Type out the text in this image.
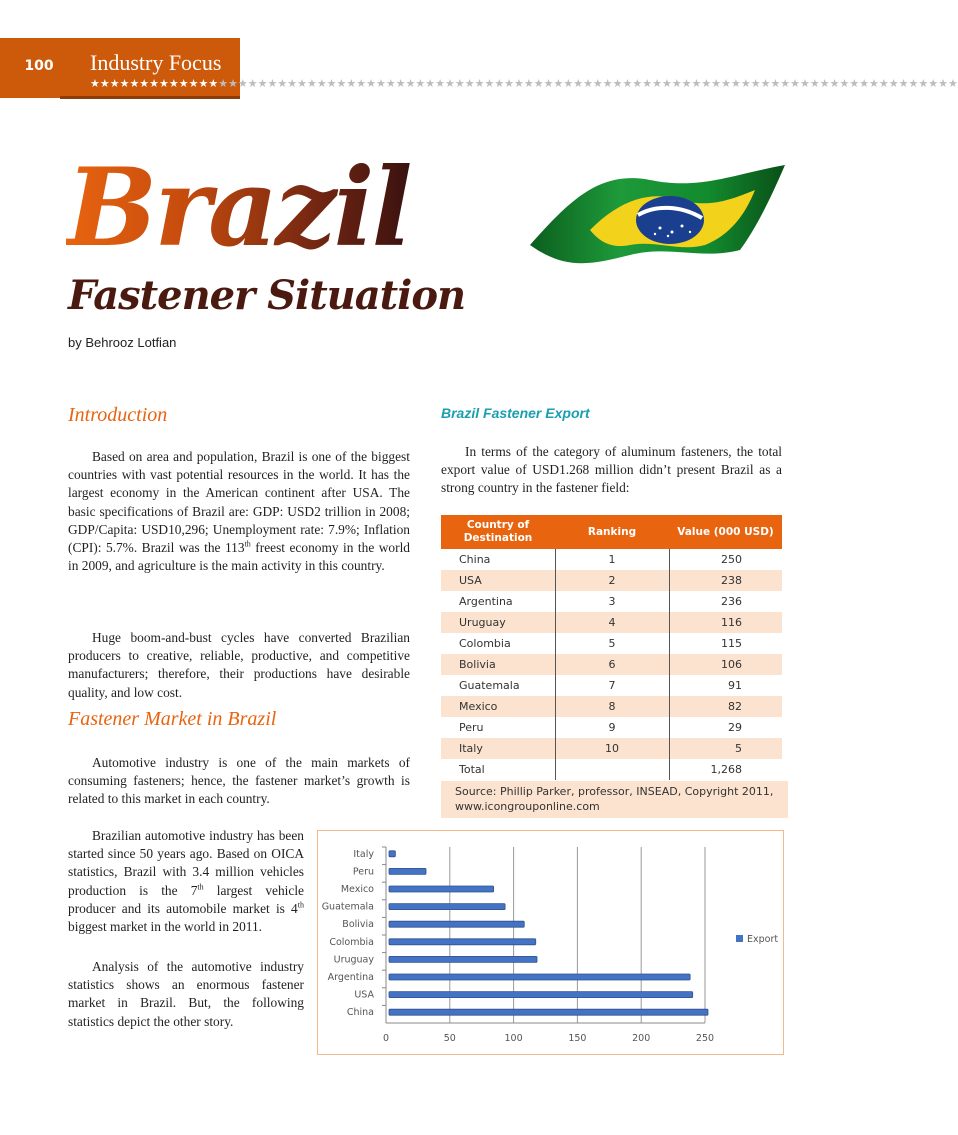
100	Industry Focus
★★★★★★★★★★★★★★★★★★★★★★★★★★★★★★★★★★★★★★★★★★★★★★★★★★★★★★★★★★★★★★★★★★★★★★★★★★★★★★★★★★★★★★★★
Brazil
Fastener Situation
by Behrooz Lotfian
Introduction

Based on area and population, Brazil is one of the biggest countries with vast potential resources in the world. It has the largest economy in the American continent after USA. The basic specifications of Brazil are: GDP: USD2 trillion in 2008; GDP/Capita: USD10,296; Unemployment rate: 7.9%; Inflation (CPI): 5.7%. Brazil was the 113th freest economy in the world in 2009, and agriculture is the main activity in this country.

Huge boom-and-bust cycles have converted Brazilian producers to creative, reliable, productive, and competitive manufacturers; therefore, their productions have desirable quality, and low cost.

Fastener Market in Brazil

Automotive industry is one of the main markets of consuming fasteners; hence, the fastener market’s growth is related to this market in each country.

Brazilian automotive industry has been started since 50 years ago. Based on OICA statistics, Brazil with 3.4 million vehicles production is the 7th largest vehicle producer and its automobile market is 4th biggest market in the world in 2011.

Analysis of the automotive industry statistics shows an enormous fastener market in Brazil. But, the following statistics depict the other story.

Brazil Fastener Export

In terms of the category of aluminum fasteners, the total export value of USD1.268 million didn’t present Brazil as a strong country in the fastener field:

Country of Destination	Ranking	Value (000 USD)
China	1	250
USA	2	238
Argentina	3	236
Uruguay	4	116
Colombia	5	115
Bolivia	6	106
Guatemala	7	91
Mexico	8	82
Peru	9	29
Italy	10	5
Total		1,268
Source: Phillip Parker, professor, INSEAD, Copyright 2011, www.icongrouponline.com
0	50	100	150	200	250
China
USA
Argentina
Uruguay
Colombia
Bolivia
Guatemala
Mexico
Peru
Italy
Export
